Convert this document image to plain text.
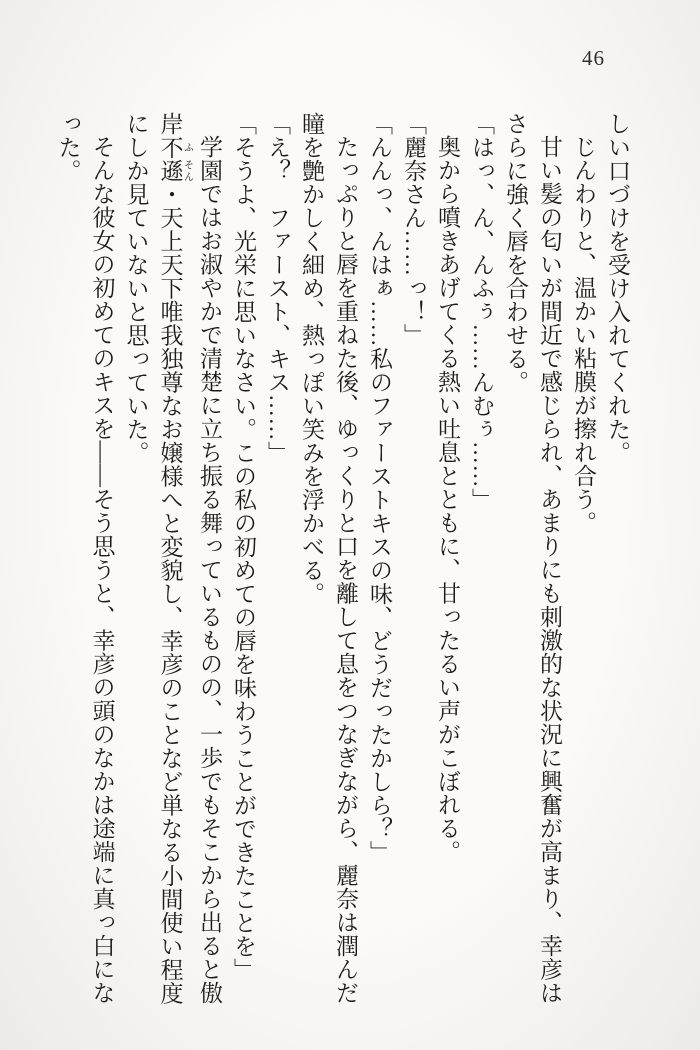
46
しい口づけを受け入れてくれた。
じんわりと、温かい粘膜が擦れ合う。
甘い髪の匂いが間近で感じられ、あまりにも刺激的な状況に興奮が高まり、幸彦は
さらに強く唇を合わせる。
「はっ、ん、んふぅ……んむぅ……」
奥から噴きあげてくる熱い吐息とともに、甘ったるい声がこぼれる。
「麗奈さん……っ！」
「んんっ、んはぁ……私のファーストキスの味、どうだったかしら？」
たっぷりと唇を重ねた後、ゆっくりと口を離して息をつなぎながら、麗奈は潤んだ
瞳を艶かしく細め、熱っぽい笑みを浮かべる。
「え？　ファースト、キス……」
「そうよ、光栄に思いなさい。この私の初めての唇を味わうことができたことを」
学園ではお淑やかで清楚に立ち振る舞っているものの、一歩でもそこから出ると傲
岸不 ふ遜 そん・天上天下唯我独尊なお嬢様へと変貌し、幸彦のことなど単なる小間使い程度
にしか見ていないと思っていた。
そんな彼女の初めてのキスを――そう思うと、幸彦の頭のなかは途端に真っ白にな
った。
